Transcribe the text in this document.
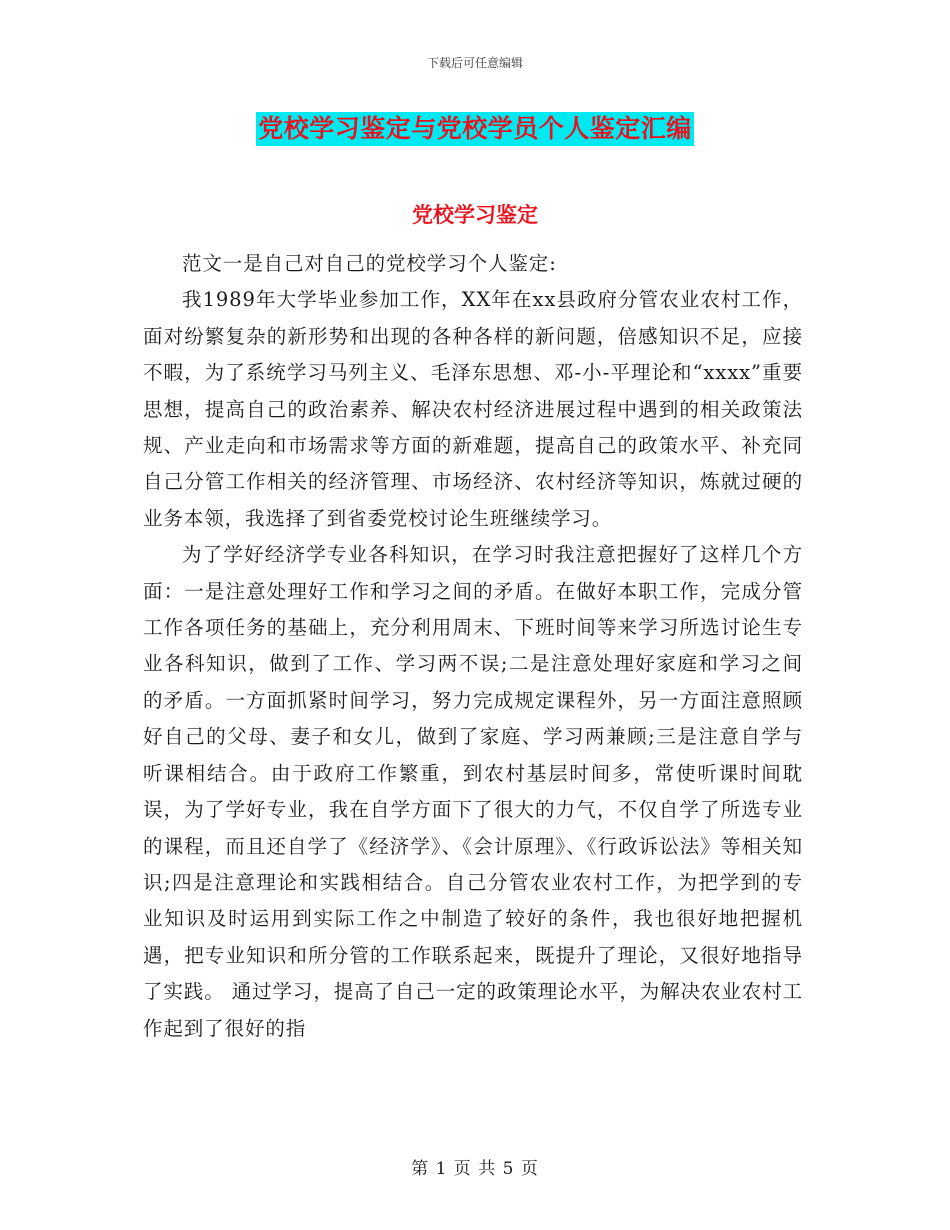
下载后可任意编辑
党校学习鉴定与党校学员个人鉴定汇编
党校学习鉴定

范文一是自己对自己的党校学习个人鉴定:

我1989年大学毕业参加工作，XX年在xx县政府分管农业农村工作，面对纷繁复杂的新形势和出现的各种各样的新问题，倍感知识不足，应接不暇，为了系统学习马列主义、毛泽东思想、邓-小-平理论和“xxxx”重要思想，提高自己的政治素养、解决农村经济进展过程中遇到的相关政策法规、产业走向和市场需求等方面的新难题，提高自己的政策水平、补充同自己分管工作相关的经济管理、市场经济、农村经济等知识，炼就过硬的业务本领，我选择了到省委党校讨论生班继续学习。

为了学好经济学专业各科知识，在学习时我注意把握好了这样几个方面：一是注意处理好工作和学习之间的矛盾。在做好本职工作，完成分管工作各项任务的基础上，充分利用周末、下班时间等来学习所选讨论生专业各科知识，做到了工作、学习两不误;二是注意处理好家庭和学习之间的矛盾。一方面抓紧时间学习，努力完成规定课程外，另一方面注意照顾好自己的父母、妻子和女儿，做到了家庭、学习两兼顾;三是注意自学与听课相结合。由于政府工作繁重，到农村基层时间多，常使听课时间耽误，为了学好专业，我在自学方面下了很大的力气，不仅自学了所选专业的课程，而且还自学了《经济学》、《会计原理》、《行政诉讼法》等相关知识;四是注意理论和实践相结合。自己分管农业农村工作，为把学到的专业知识及时运用到实际工作之中制造了较好的条件，我也很好地把握机遇，把专业知识和所分管的工作联系起来，既提升了理论，又很好地指导了实践。 通过学习，提高了自己一定的政策理论水平，为解决农业农村工作起到了很好的指

第 1 页 共 5 页
